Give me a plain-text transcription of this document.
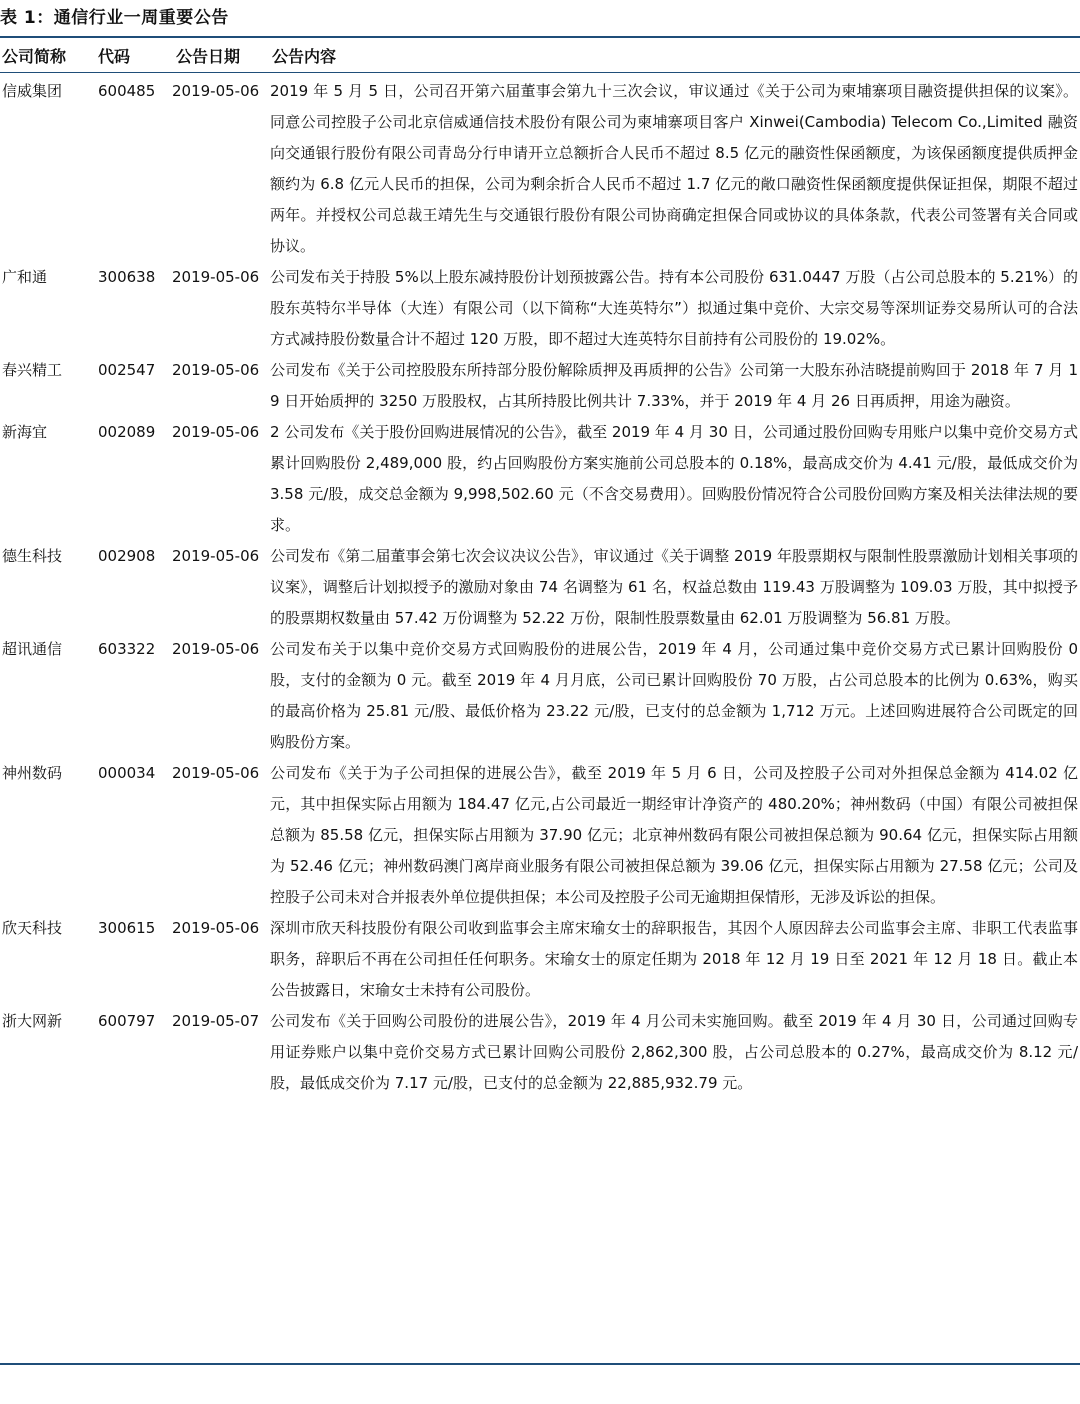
表 1：通信行业一周重要公告
公司简称 代码	公告日期 公告内容
信威集团 600485 2019-05-06 2019 年 5 月 5 日，公司召开第六届董事会第九十三次会议，审议通过《关于公司为柬埔寨项目融资提供担保的议案》。同意公司控股子公司北京信威通信技术股份有限公司为柬埔寨项目客户 Xinwei(Cambodia) Telecom Co.,Limited 融资向交通银行股份有限公司青岛分行申请开立总额折合人民币不超过 8.5 亿元的融资性保函额度，为该保函额度提供质押金额约为 6.8 亿元人民币的担保，公司为剩余折合人民币不超过 1.7 亿元的敞口融资性保函额度提供保证担保，期限不超过两年。并授权公司总裁王靖先生与交通银行股份有限公司协商确定担保合同或协议的具体条款，代表公司签署有关合同或协议。
广和通	300638 2019-05-06 公司发布关于持股 5%以上股东减持股份计划预披露公告。持有本公司股份 631.0447 万股（占公司总股本的 5.21%）的股东英特尔半导体（大连）有限公司（以下简称“大连英特尔”）拟通过集中竞价、大宗交易等深圳证券交易所认可的合法方式减持股份数量合计不超过 120 万股，即不超过大连英特尔目前持有公司股份的 19.02%。
春兴精工 002547 2019-05-06 公司发布《关于公司控股股东所持部分股份解除质押及再质押的公告》公司第一大股东孙洁晓提前购回于 2018 年 7 月 19 日开始质押的 3250 万股股权，占其所持股比例共计 7.33%，并于 2019 年 4 月 26 日再质押，用途为融资。
新海宜	002089 2019-05-06 2 公司发布《关于股份回购进展情况的公告》，截至 2019 年 4 月 30 日，公司通过股份回购专用账户以集中竞价交易方式累计回购股份 2,489,000 股，约占回购股份方案实施前公司总股本的 0.18%，最高成交价为 4.41 元/股，最低成交价为 3.58 元/股，成交总金额为 9,998,502.60 元（不含交易费用）。回购股份情况符合公司股份回购方案及相关法律法规的要求。
德生科技 002908 2019-05-06 公司发布《第二届董事会第七次会议决议公告》，审议通过《关于调整 2019 年股票期权与限制性股票激励计划相关事项的议案》，调整后计划拟授予的激励对象由 74 名调整为 61 名，权益总数由 119.43 万股调整为 109.03 万股，其中拟授予的股票期权数量由 57.42 万份调整为 52.22 万份，限制性股票数量由 62.01 万股调整为 56.81 万股。
超讯通信 603322 2019-05-06 公司发布关于以集中竞价交易方式回购股份的进展公告，2019 年 4 月，公司通过集中竞价交易方式已累计回购股份 0 股，支付的金额为 0 元。截至 2019 年 4 月月底，公司已累计回购股份 70 万股，占公司总股本的比例为 0.63%，购买的最高价格为 25.81 元/股、最低价格为 23.22 元/股，已支付的总金额为 1,712 万元。上述回购进展符合公司既定的回购股份方案。
神州数码 000034 2019-05-06 公司发布《关于为子公司担保的进展公告》，截至 2019 年 5 月 6 日，公司及控股子公司对外担保总金额为 414.02 亿元，其中担保实际占用额为 184.47 亿元,占公司最近一期经审计净资产的 480.20%；神州数码（中国）有限公司被担保总额为 85.58 亿元，担保实际占用额为 37.90 亿元；北京神州数码有限公司被担保总额为 90.64 亿元，担保实际占用额为 52.46 亿元；神州数码澳门离岸商业服务有限公司被担保总额为 39.06 亿元，担保实际占用额为 27.58 亿元；公司及控股子公司未对合并报表外单位提供担保；本公司及控股子公司无逾期担保情形，无涉及诉讼的担保。
欣天科技 300615 2019-05-06 深圳市欣天科技股份有限公司收到监事会主席宋瑜女士的辞职报告，其因个人原因辞去公司监事会主席、非职工代表监事职务，辞职后不再在公司担任任何职务。宋瑜女士的原定任期为 2018 年 12 月 19 日至 2021 年 12 月 18 日。截止本公告披露日，宋瑜女士未持有公司股份。
浙大网新 600797 2019-05-07 公司发布《关于回购公司股份的进展公告》，2019 年 4 月公司未实施回购。截至 2019 年 4 月 30 日，公司通过回购专用证券账户以集中竞价交易方式已累计回购公司股份 2,862,300 股，占公司总股本的 0.27%，最高成交价为 8.12 元/股，最低成交价为 7.17 元/股，已支付的总金额为 22,885,932.79 元。
